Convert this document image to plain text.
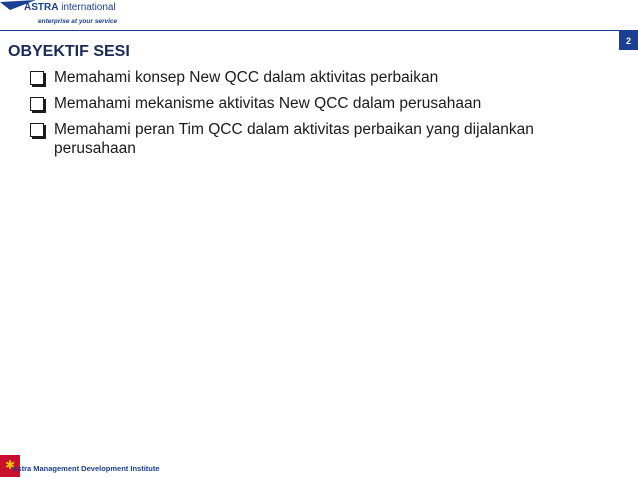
ASTRA international
enterprise at your service
2
OBYEKTIF SESI
Memahami konsep New QCC dalam aktivitas perbaikan
Memahami mekanisme aktivitas New QCC dalam perusahaan
Memahami peran Tim QCC dalam aktivitas perbaikan yang dijalankan perusahaan
✱
Astra Management Development Institute
